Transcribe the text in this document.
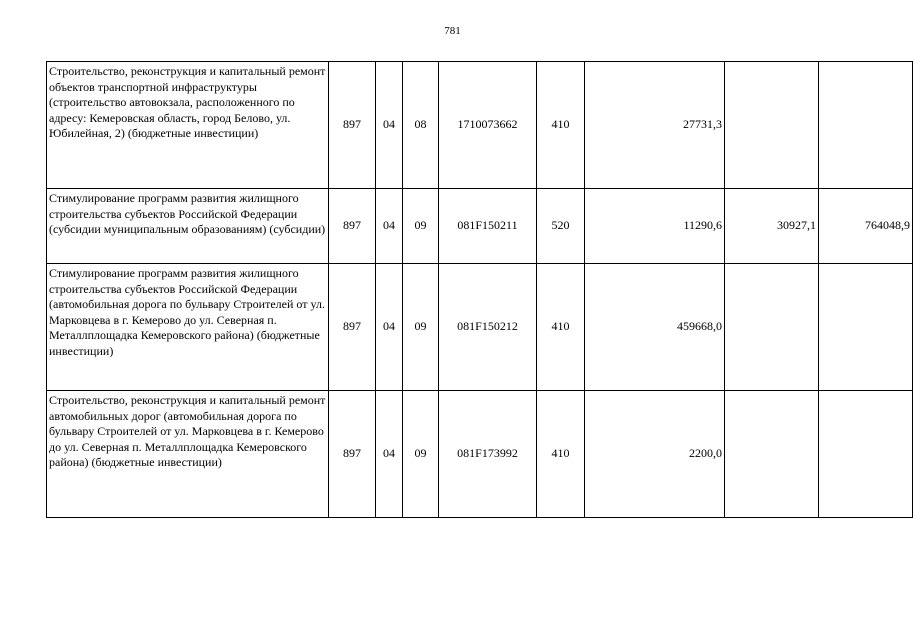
781
Строительство, реконструкция и капитальный ремонт объектов транспортной инфраструктуры (строительство автовокзала, расположенного по адресу: Кемеровская область, город Белово, ул. Юбилейная, 2) (бюджетные инвестиции)	897	04	08	1710073662	410	27731,3		
Стимулирование программ развития жилищного строительства субъектов Российской Федерации (субсидии муниципальным образованиям) (субсидии)	897	04	09	081F150211	520	11290,6	30927,1	764048,9
Стимулирование программ развития жилищного строительства субъектов Российской Федерации (автомобильная дорога по бульвару Строителей от ул. Марковцева в г. Кемерово до ул. Северная п. Металлплощадка Кемеровского района) (бюджетные инвестиции)	897	04	09	081F150212	410	459668,0		
Строительство, реконструкция и капитальный ремонт автомобильных дорог (автомобильная дорога по бульвару Строителей от ул. Марковцева в г. Кемерово до ул. Северная п. Металлплощадка Кемеровского района) (бюджетные инвестиции)	897	04	09	081F173992	410	2200,0		
